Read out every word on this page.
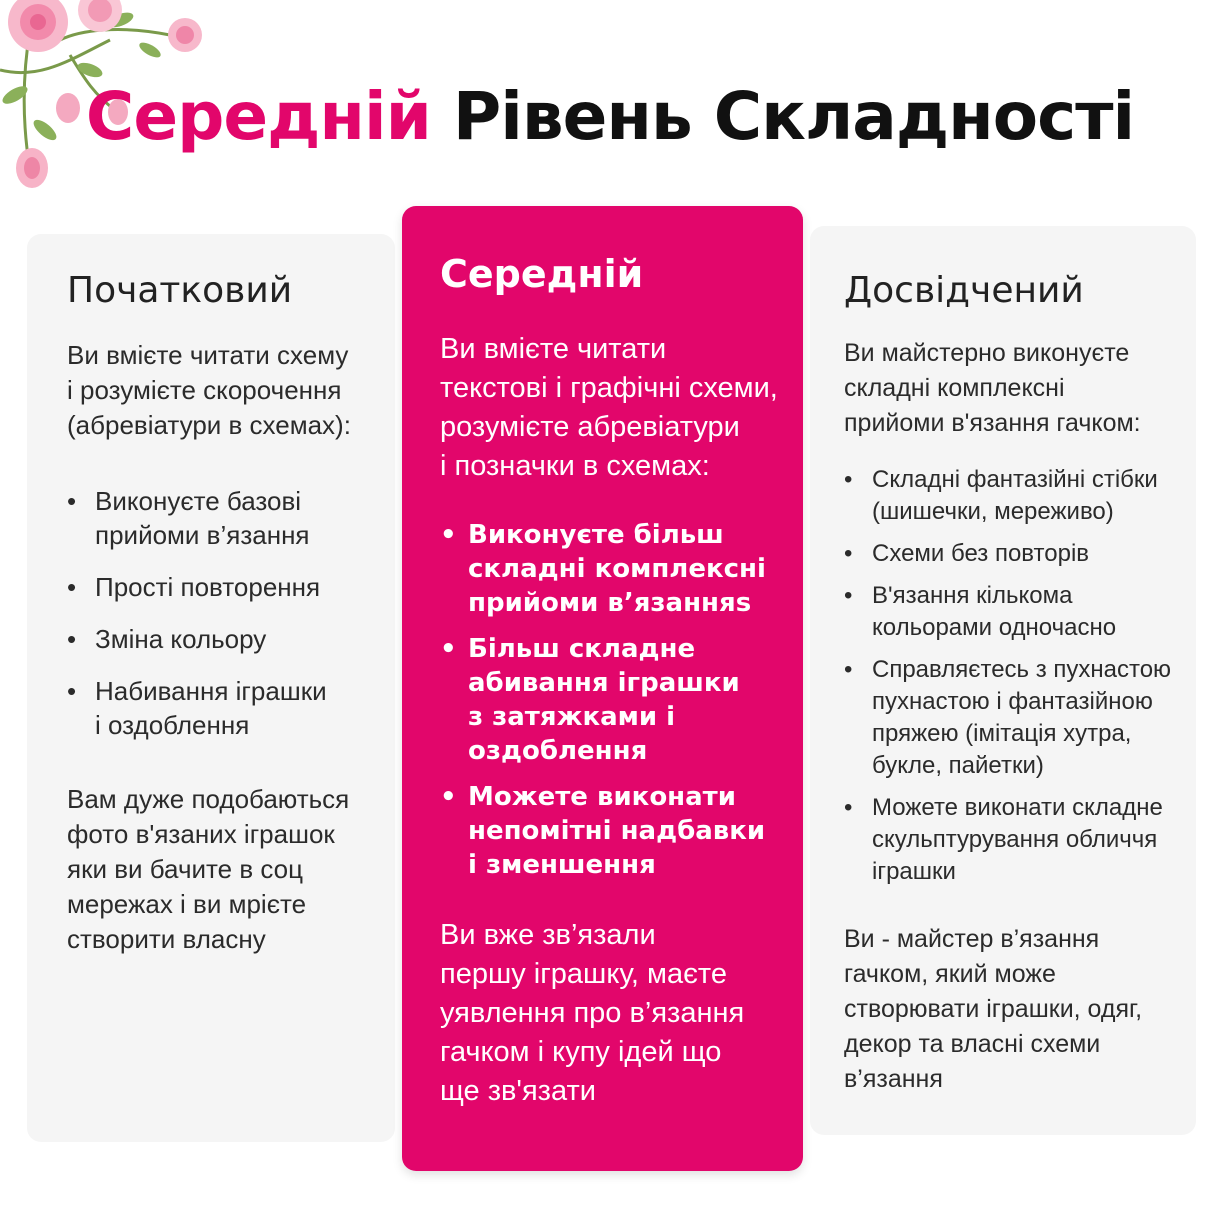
Середній Рівень Складності
Початковий
Ви вмієте читати схему
і розумієте скорочення
(абревіатури в схемах):
• Виконуєте базові
прийоми в’язання
• Прості повторення
• Зміна кольору
• Набивання іграшки
і оздоблення
Вам дуже подобаються
фото в'язаних іграшок
яки ви бачите в соц
мережах і ви мрієте
створити власну
Середній
Ви вмієте читати
текстові і графічні схеми,
розумієте абревіатури
і позначки в схемах:
• Виконуєте більш
складні комплексні
прийоми в’язанняs
• Більш складне
абивання іграшки
з затяжками і
оздоблення
• Можете виконати
непомітні надбавки
і зменшення
Ви вже зв’язали
першу іграшку, маєте
уявлення про в’язання
гачком і купу ідей що
ще зв'язати
Досвідчений
Ви майстерно виконуєте
складні комплексні
прийоми в'язання гачком:
• Складні фантазійні стібки
(шишечки, мереживо)
• Схеми без повторів
• В'язання кількома
кольорами одночасно
• Справляєтесь з пухнастою
пухнастою і фантазійною
пряжею (імітація хутра,
букле, пайетки)
• Можете виконати складне
скульптурування обличчя
іграшки
Ви - майстер в’язання
гачком, який може
створювати іграшки, одяг,
декор та власні схеми
в’язання
